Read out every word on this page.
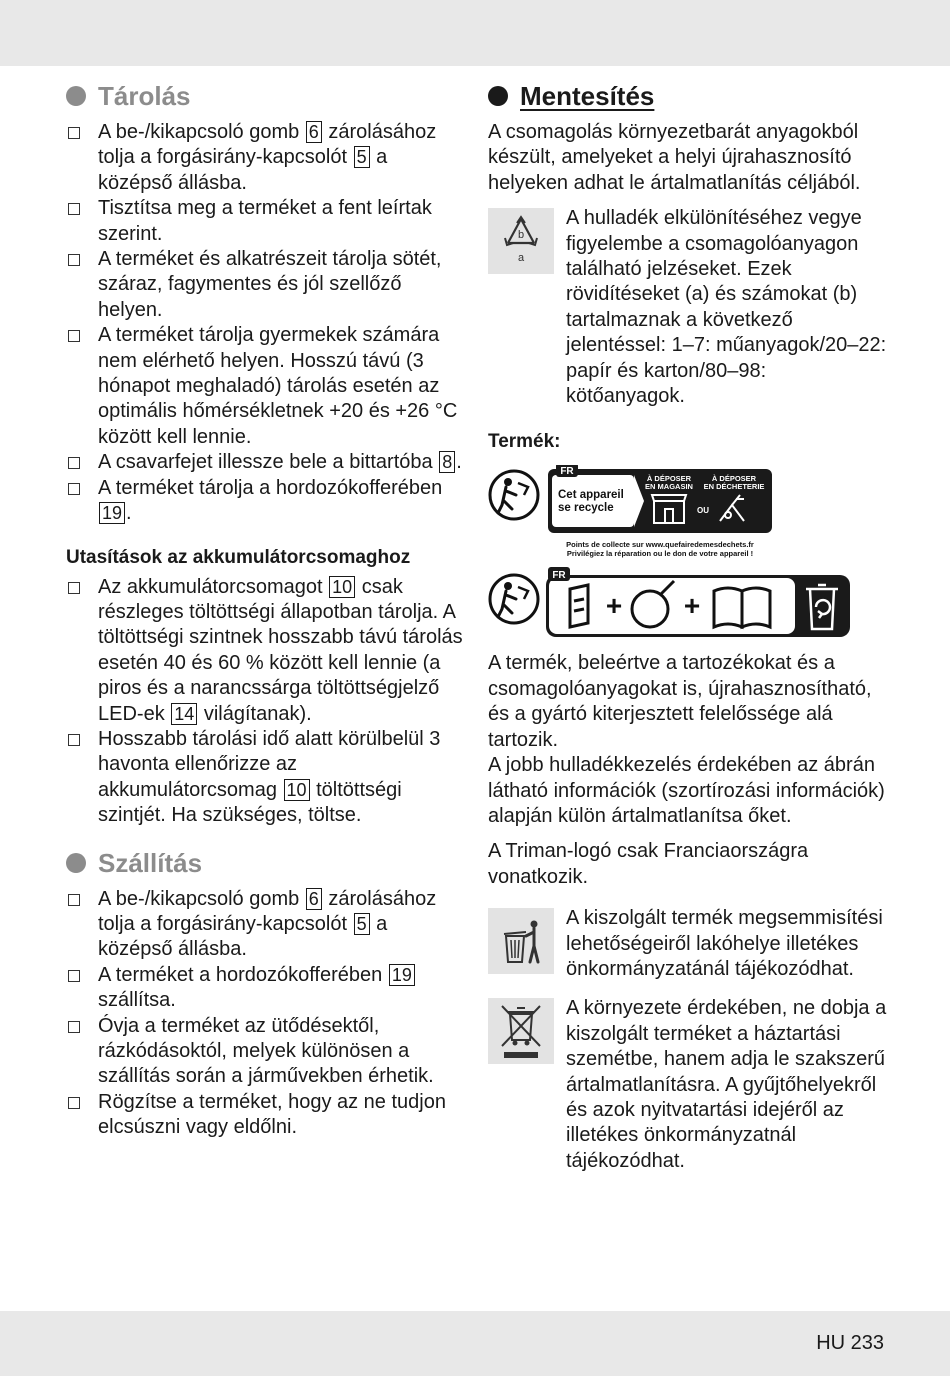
Tárolás
A be-/kikapcsoló gomb 6 zárolásához tolja a forgásirány-kapcsolót 5 a középső állásba.
Tisztítsa meg a terméket a fent leírtak szerint.
A terméket és alkatrészeit tárolja sötét, száraz, fagymentes és jól szellőző helyen.
A terméket tárolja gyermekek számára nem elérhető helyen. Hosszú távú (3 hónapot meghaladó) tárolás esetén az optimális hőmérsékletnek +20 és +26 °C között kell lennie.
A csavarfejet illessze bele a bittartóba 8 .
A terméket tárolja a hordozókofferében 19 .
Utasítások az akkumulátorcsomaghoz
Az akkumulátorcsomagot 10 csak részleges töltöttségi állapotban tárolja. A töltöttségi szintnek hosszabb távú tárolás esetén 40 és 60 % között kell lennie (a piros és a narancssárga töltöttségjelző LED-ek 14 világítanak).
Hosszabb tárolási idő alatt körülbelül 3 havonta ellenőrizze az akkumulátorcsomag 10 töltöttségi szintjét. Ha szükséges, töltse.
Szállítás
A be-/kikapcsoló gomb 6 zárolásához tolja a forgásirány-kapcsolót 5 a középső állásba.
A terméket a hordozókofferében 19 szállítsa.
Óvja a terméket az ütődésektől, rázkódásoktól, melyek különösen a szállítás során a járművekben érhetik.
Rögzítse a terméket, hogy az ne tudjon elcsúszni vagy eldőlni.
Mentesítés

A csomagolás környezetbarát anyagokból készült, amelyeket a helyi újrahasznosító helyeken adhat le ártalmatlanítás céljából.

b
a

A hulladék elkülönítéséhez vegye figyelembe a csomagolóanyagon található jelzéseket. Ezek rövidítéseket (a) és számokat (b) tartalmaznak a következő jelentéssel: 1–7: műanyagok/20–22: papír és karton/80–98: kötőanyagok.

Termék:
FR
Cet appareil
se recycle
À DÉPOSER
EN MAGASIN
À DÉPOSER
EN DÉCHETERIE
OU
Points de collecte sur www.quefairedemesdechets.fr
Privilégiez la réparation ou le don de votre appareil !
FR
+ +

A termék, beleértve a tartozékokat és a csomagolóanyagokat is, újrahasznosítható, és a gyártó kiterjesztett felelőssége alá tartozik.

A jobb hulladékkezelés érdekében az ábrán látható információk (szortírozási információk) alapján külön ártalmatlanítsa őket.

A Triman-logó csak Franciaországra vonatkozik.

A kiszolgált termék megsemmisítési lehetőségeiről lakóhelye illetékes önkormányzatánál tájékozódhat.

A környezete érdekében, ne dobja a kiszolgált terméket a háztartási szemétbe, hanem adja le szakszerű ártalmatlanításra. A gyűjtőhelyekről és azok nyitvatartási idejéről az illetékes önkormányzatnál tájékozódhat.

HU 233
